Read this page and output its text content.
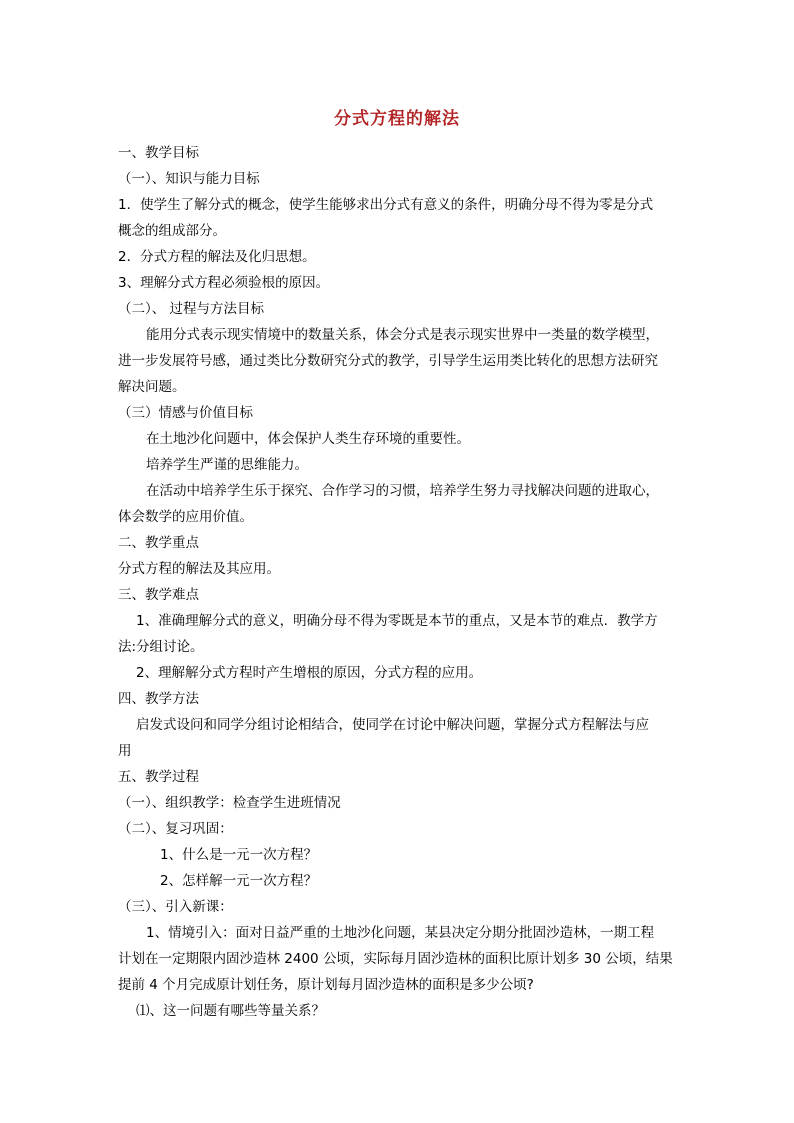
分式方程的解法
一、教学目标
（一）、知识与能力目标
1．使学生了解分式的概念，使学生能够求出分式有意义的条件，明确分母不得为零是分式
概念的组成部分。
2．分式方程的解法及化归思想。
3、理解分式方程必须验根的原因。
（二）、 过程与方法目标
能用分式表示现实情境中的数量关系，体会分式是表示现实世界中一类量的数学模型，
进一步发展符号感，通过类比分数研究分式的教学，引导学生运用类比转化的思想方法研究
解决问题。
（三）情感与价值目标
在土地沙化问题中，体会保护人类生存环境的重要性。
培养学生严谨的思维能力。
在活动中培养学生乐于探究、合作学习的习惯，培养学生努力寻找解决问题的进取心，
体会数学的应用价值。
二、教学重点
分式方程的解法及其应用。
三、教学难点
1、准确理解分式的意义，明确分母不得为零既是本节的重点，又是本节的难点．教学方
法:分组讨论。
2、理解解分式方程时产生增根的原因，分式方程的应用。
四、教学方法
启发式设问和同学分组讨论相结合，使同学在讨论中解决问题，掌握分式方程解法与应
用
五、教学过程
（一）、组织教学：检查学生进班情况
（二）、复习巩固：
1、什么是一元一次方程？
2、怎样解一元一次方程？
（三）、引入新课：
1、情境引入：面对日益严重的土地沙化问题，某县决定分期分批固沙造林，一期工程
计划在一定期限内固沙造林 2400 公顷，实际每月固沙造林的面积比原计划多 30 公顷，结果
提前 4 个月完成原计划任务，原计划每月固沙造林的面积是多少公顷?
⑴、这一问题有哪些等量关系？
